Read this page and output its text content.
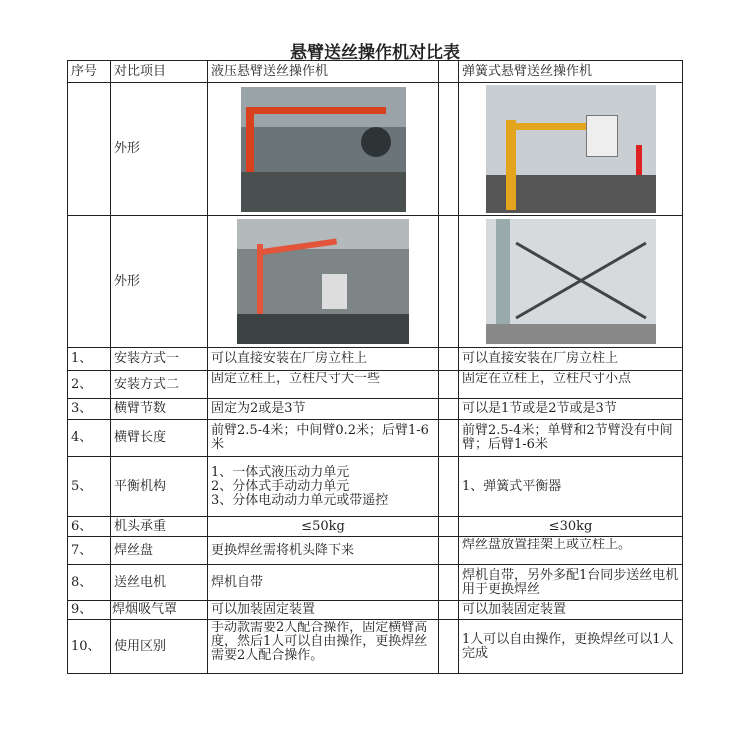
悬臂送丝操作机对比表
序号	对比项目	液压悬臂送丝操作机		弹簧式悬臂送丝操作机
	外形	

	外形	

1、	安装方式一	可以直接安装在厂房立柱上		可以直接安装在厂房立柱上
2、	安装方式二	固定立柱上，立柱尺寸大一些		固定在立柱上，立柱尺寸小点

3、	横臂节数	固定为2或是3节		可以是1节或是2节或是3节
4、	横臂长度	前臂2.5-4米；中间臂0.2米；后臂1-6米		前臂2.5-4米；单臂和2节臂没有中间臂；后臂1-6米
5、	平衡机构	1、一体式液压动力单元
2、分体式手动动力单元
3、分体电动动力单元或带遥控		1、弹簧式平衡器
6、	机头承重	≤50kg		≤30kg
7、	焊丝盘	更换焊丝需将机头降下来		焊丝盘放置挂架上或立柱上。

8、	送丝电机	焊机自带		焊机自带，另外多配1台同步送丝电机用于更换焊丝
9、	焊烟吸气罩	可以加装固定装置		可以加装固定装置
10、	使用区别	手动款需要2人配合操作，固定横臂高度，然后1人可以自由操作，更换焊丝需要2人配合操作。		1人可以自由操作，更换焊丝可以1人完成
